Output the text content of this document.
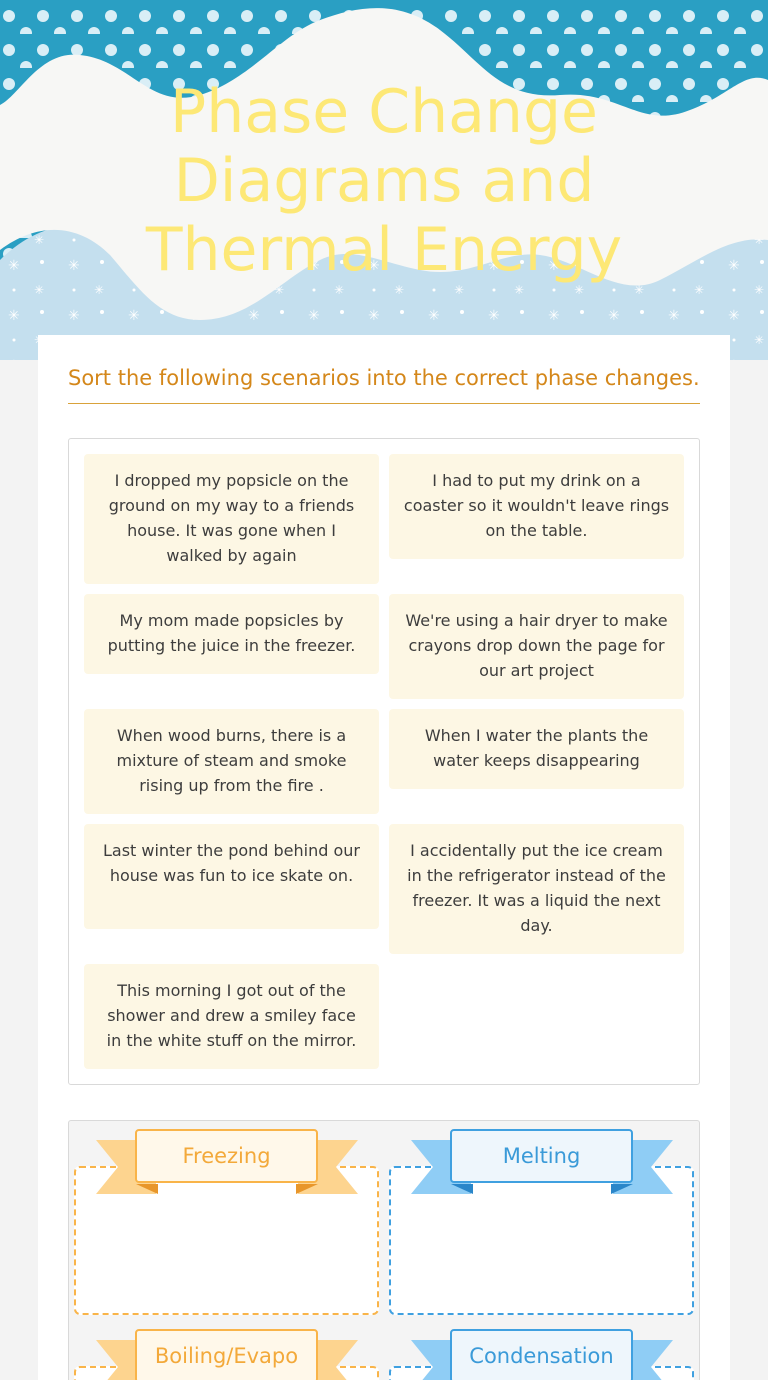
Phase Change
Diagrams and
Thermal Energy
Sort the following scenarios into the correct phase changes.
I dropped my popsicle on the ground on my way to a friends house. It was gone when I walked by again
I had to put my drink on a coaster so it wouldn't leave rings on the table.
My mom made popsicles by putting the juice in the freezer.
We're using a hair dryer to make crayons drop down the page for our art project
When wood burns, there is a mixture of steam and smoke rising up from the fire .
When I water the plants the water keeps disappearing
Last winter the pond behind our house was fun to ice skate on.
I accidentally put the ice cream in the refrigerator instead of the freezer. It was a liquid the next day.
This morning I got out of the shower and drew a smiley face in the white stuff on the mirror.
Freezing	Melting
Boiling/Evapo	Condensation
